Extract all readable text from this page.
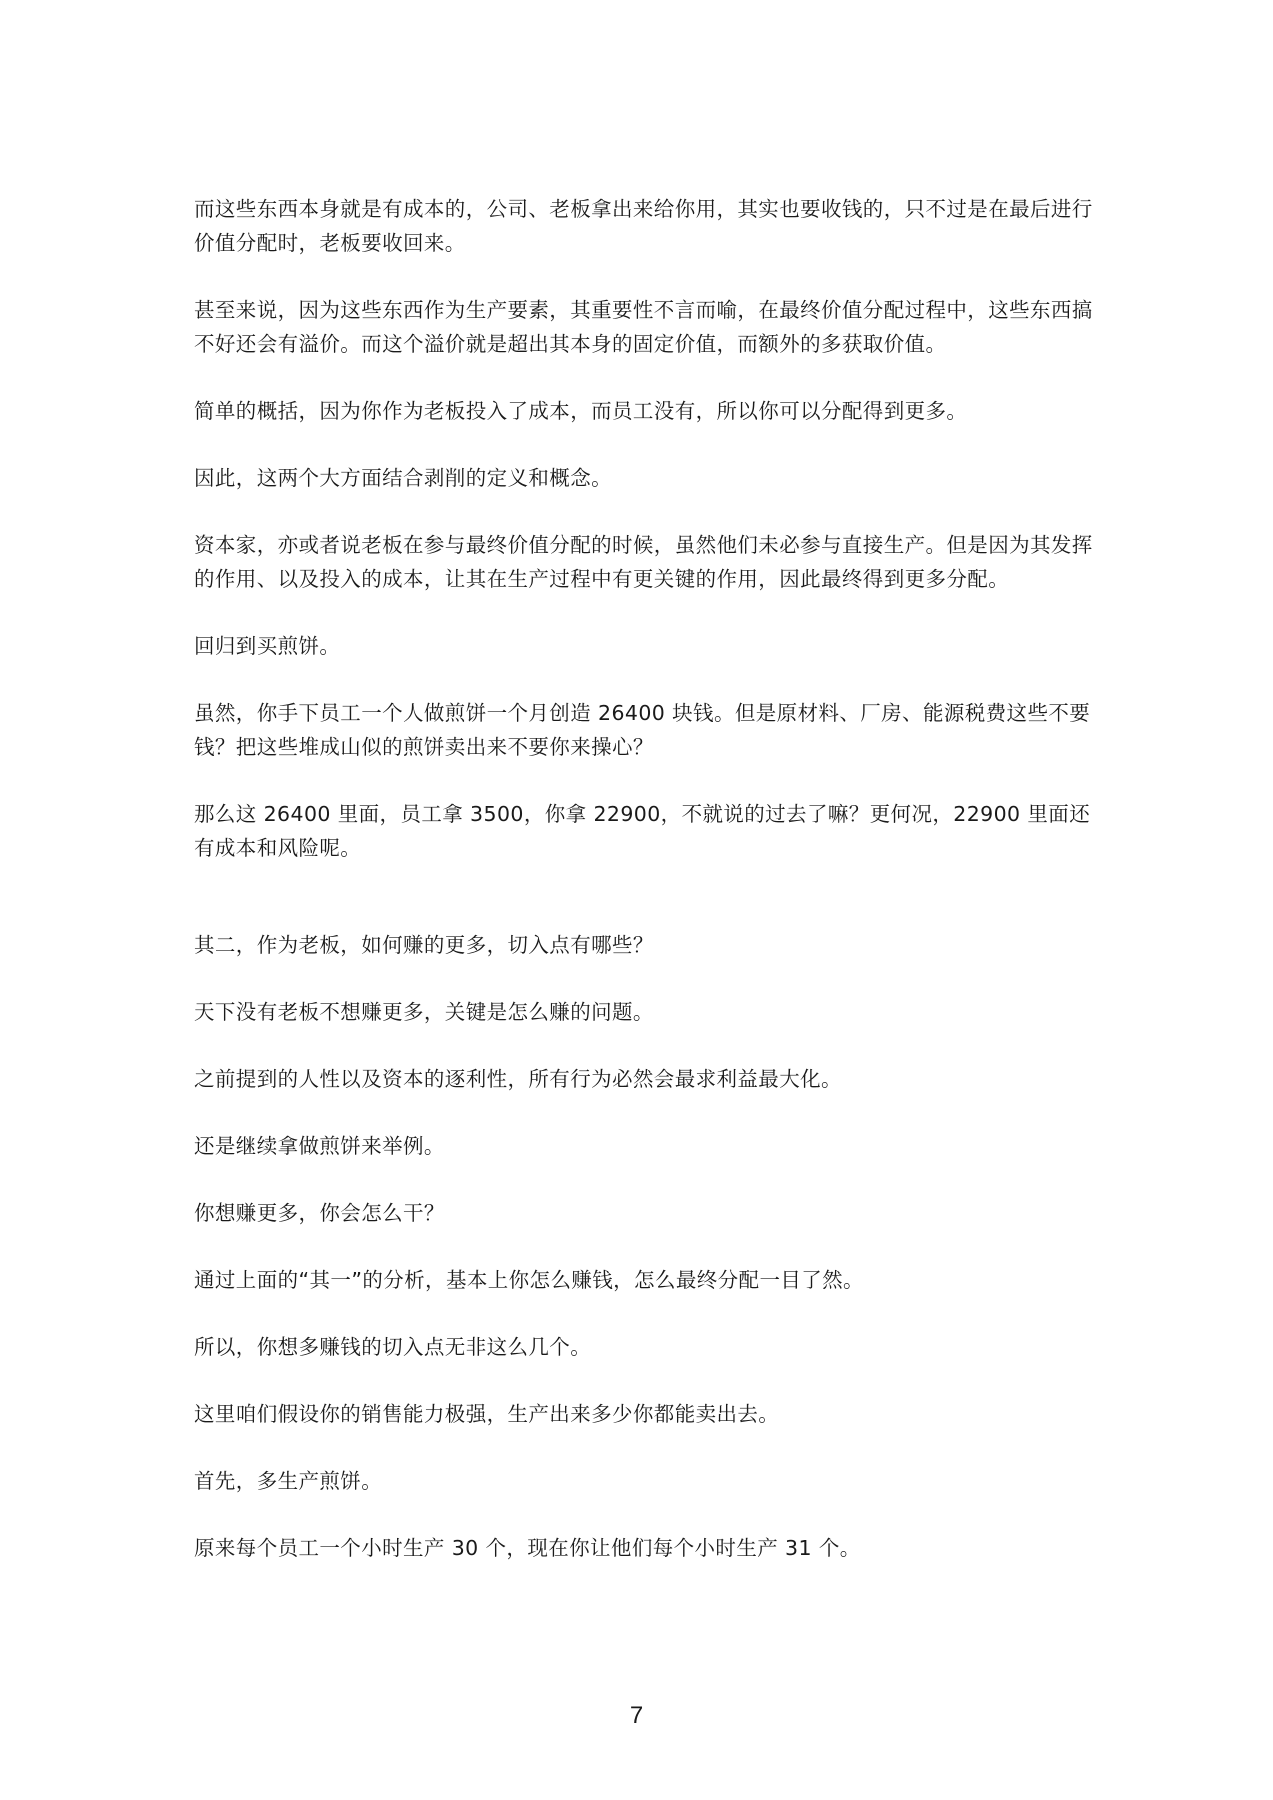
而这些东西本身就是有成本的，公司、老板拿出来给你用，其实也要收钱的，只不过是在最后进行价值分配时，老板要收回来。

甚至来说，因为这些东西作为生产要素，其重要性不言而喻，在最终价值分配过程中，这些东西搞不好还会有溢价。而这个溢价就是超出其本身的固定价值，而额外的多获取价值。

简单的概括，因为你作为老板投入了成本，而员工没有，所以你可以分配得到更多。

因此，这两个大方面结合剥削的定义和概念。

资本家，亦或者说老板在参与最终价值分配的时候，虽然他们未必参与直接生产。但是因为其发挥的作用、以及投入的成本，让其在生产过程中有更关键的作用，因此最终得到更多分配。

回归到买煎饼。

虽然，你手下员工一个人做煎饼一个月创造 26400 块钱。但是原材料、厂房、能源税费这些不要钱？把这些堆成山似的煎饼卖出来不要你来操心？

那么这 26400 里面，员工拿 3500，你拿 22900，不就说的过去了嘛？更何况，22900 里面还有成本和风险呢。

其二，作为老板，如何赚的更多，切入点有哪些？

天下没有老板不想赚更多，关键是怎么赚的问题。

之前提到的人性以及资本的逐利性，所有行为必然会最求利益最大化。

还是继续拿做煎饼来举例。

你想赚更多，你会怎么干？

通过上面的“其一”的分析，基本上你怎么赚钱，怎么最终分配一目了然。

所以，你想多赚钱的切入点无非这么几个。

这里咱们假设你的销售能力极强，生产出来多少你都能卖出去。

首先，多生产煎饼。

原来每个员工一个小时生产 30 个，现在你让他们每个小时生产 31 个。

7
